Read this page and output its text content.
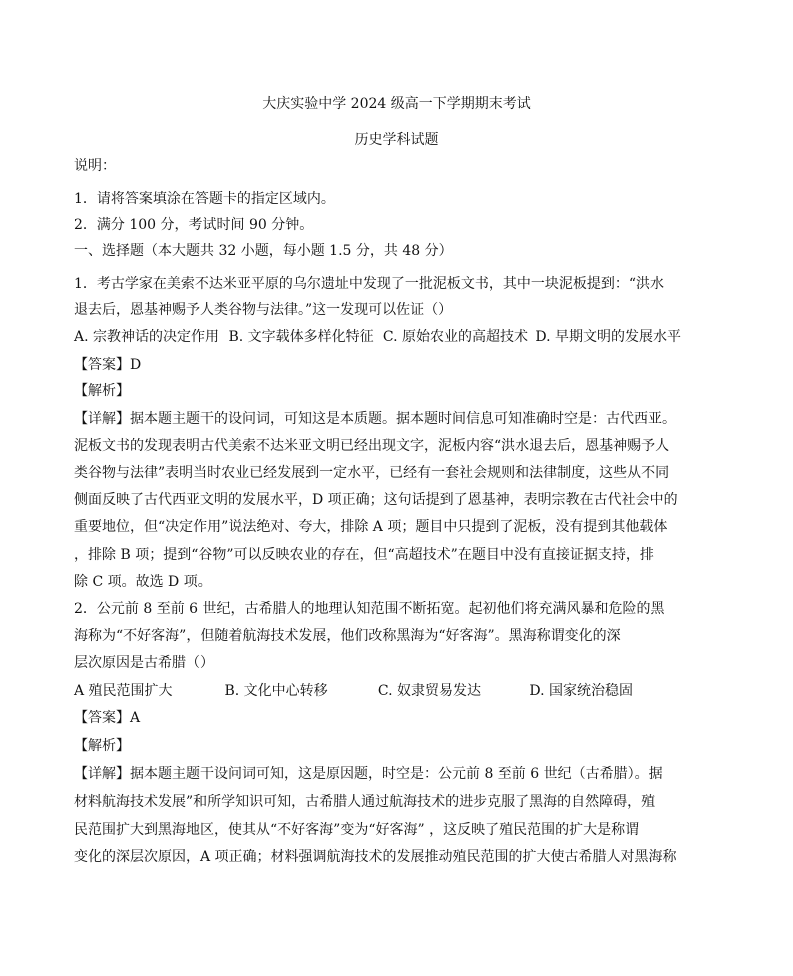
大庆实验中学 2024 级高一下学期期末考试
历史学科试题
说明：
1．请将答案填涂在答题卡的指定区域内。
2．满分 100 分，考试时间 90 分钟。
一、选择题（本大题共 32 小题，每小题 1.5 分，共 48 分）
1．考古学家在美索不达米亚平原的乌尔遗址中发现了一批泥板文书，其中一块泥板提到：“洪水
退去后，恩基神赐予人类谷物与法律。”这一发现可以佐证（）
A. 宗教神话的决定作用 B. 文字载体多样化特征 C. 原始农业的高超技术 D. 早期文明的发展水平
【答案】D
【解析】
【详解】据本题主题干的设问词，可知这是本质题。据本题时间信息可知准确时空是：古代西亚。
泥板文书的发现表明古代美索不达米亚文明已经出现文字，泥板内容“洪水退去后，恩基神赐予人
类谷物与法律”表明当时农业已经发展到一定水平，已经有一套社会规则和法律制度，这些从不同
侧面反映了古代西亚文明的发展水平，D 项正确；这句话提到了恩基神，表明宗教在古代社会中的
重要地位，但“决定作用”说法绝对、夸大，排除 A 项；题目中只提到了泥板，没有提到其他载体
，排除 B 项；提到“谷物”可以反映农业的存在，但“高超技术”在题目中没有直接证据支持，排
除 C 项。故选 D 项。
2．公元前 8 至前 6 世纪，古希腊人的地理认知范围不断拓宽。起初他们将充满风暴和危险的黑
海称为“不好客海”，但随着航海技术发展，他们改称黑海为“好客海”。黑海称谓变化的深
层次原因是古希腊（）
A 殖民范围扩大	B. 文化中心转移	C. 奴隶贸易发达	D. 国家统治稳固
【答案】A
【解析】
【详解】据本题主题干设问词可知，这是原因题，时空是：公元前 8 至前 6 世纪（古希腊）。据
材料航海技术发展”和所学知识可知，古希腊人通过航海技术的进步克服了黑海的自然障碍，殖
民范围扩大到黑海地区，使其从“不好客海”变为“好客海” ，这反映了殖民范围的扩大是称谓
变化的深层次原因，A 项正确；材料强调航海技术的发展推动殖民范围的扩大使古希腊人对黑海称
